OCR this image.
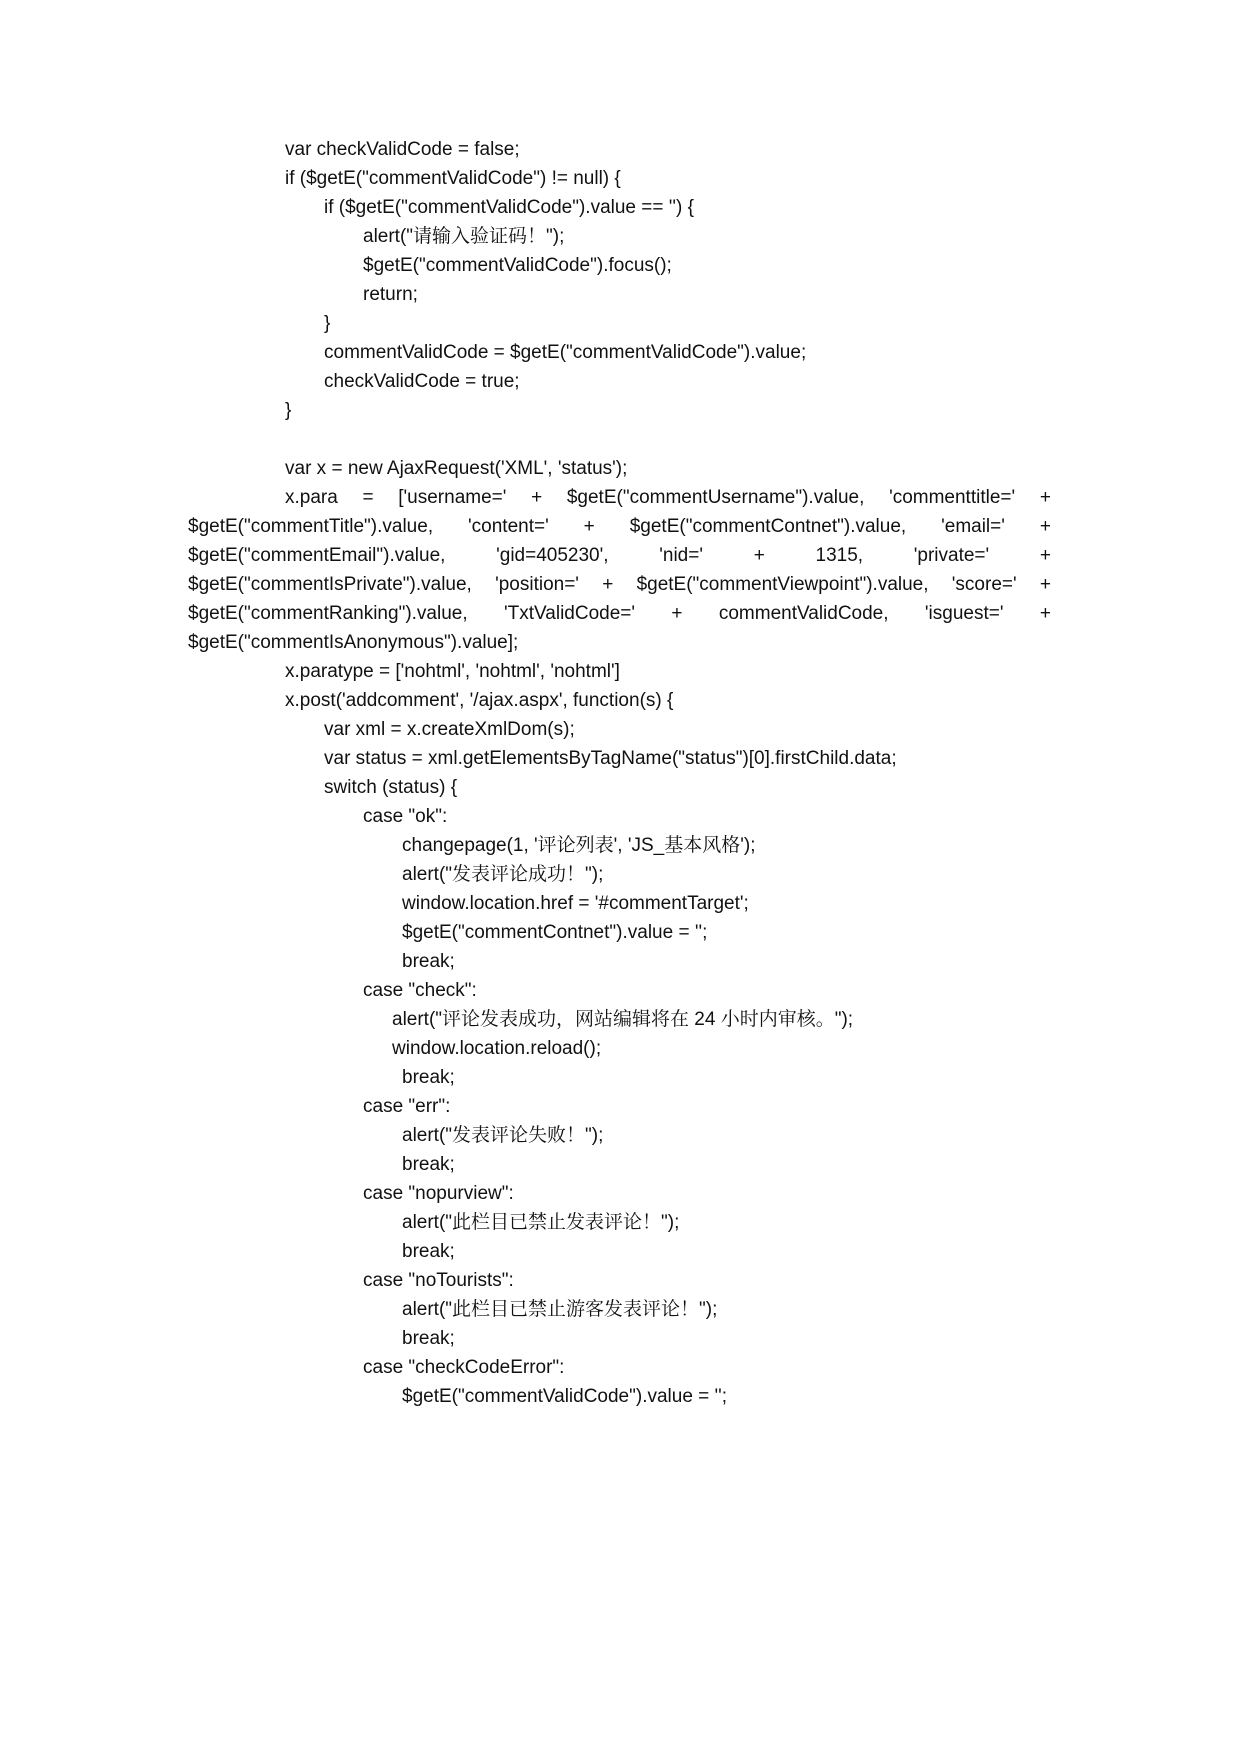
var checkValidCode = false;
if ($getE("commentValidCode") != null) {
if ($getE("commentValidCode").value == '') {
alert("请输入验证码！");
$getE("commentValidCode").focus();
return;
}
commentValidCode = $getE("commentValidCode").value;
checkValidCode = true;
}
var x = new AjaxRequest('XML', 'status');
x.para = ['username=' + $getE("commentUsername").value, 'commenttitle=' +
$getE("commentTitle").value, 'content=' + $getE("commentContnet").value, 'email=' +
$getE("commentEmail").value,	'gid=405230',	'nid='	+	1315,	'private='	+
$getE("commentIsPrivate").value, 'position=' + $getE("commentViewpoint").value, 'score=' +
$getE("commentRanking").value, 'TxtValidCode=' + commentValidCode, 'isguest=' +
$getE("commentIsAnonymous").value];
x.paratype = ['nohtml', 'nohtml', 'nohtml']
x.post('addcomment', '/ajax.aspx', function(s) {
var xml = x.createXmlDom(s);
var status = xml.getElementsByTagName("status")[0].firstChild.data;
switch (status) {
case "ok":
changepage(1, '评论列表', 'JS_基本风格');
alert("发表评论成功！");
window.location.href = '#commentTarget';
$getE("commentContnet").value = '';
break;
case "check":
alert("评论发表成功，网站编辑将在 24 小时内审核。");
window.location.reload();
break;
case "err":
alert("发表评论失败！");
break;
case "nopurview":
alert("此栏目已禁止发表评论！");
break;
case "noTourists":
alert("此栏目已禁止游客发表评论！");
break;
case "checkCodeError":
$getE("commentValidCode").value = '';
